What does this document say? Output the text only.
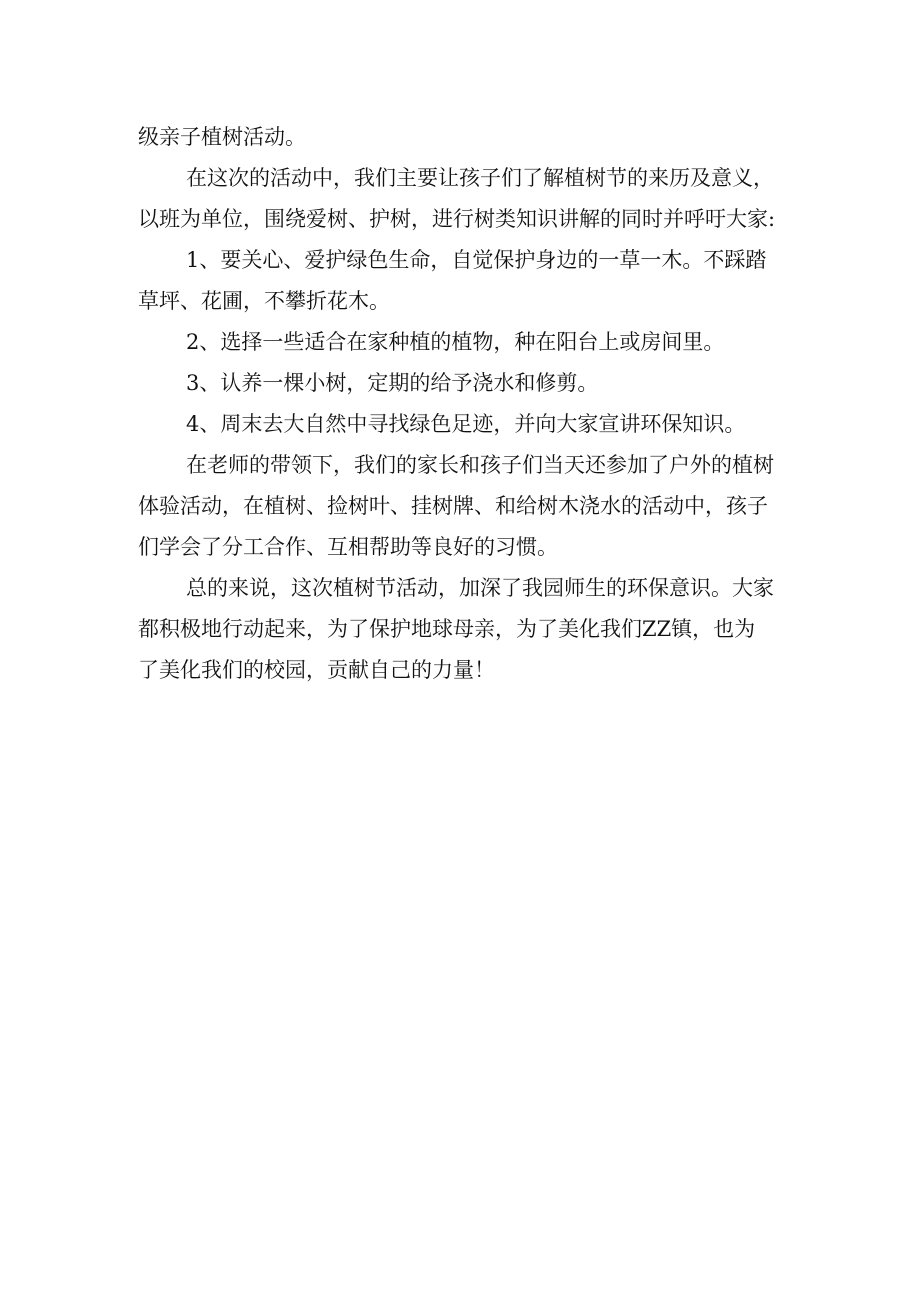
级亲子植树活动。
在这次的活动中，我们主要让孩子们了解植树节的来历及意义，
以班为单位，围绕爱树、护树，进行树类知识讲解的同时并呼吁大家:
1、要关心、爱护绿色生命，自觉保护身边的一草一木。不踩踏
草坪、花圃，不攀折花木。
2、选择一些适合在家种植的植物，种在阳台上或房间里。
3、认养一棵小树，定期的给予浇水和修剪。
4、周末去大自然中寻找绿色足迹，并向大家宣讲环保知识。
在老师的带领下，我们的家长和孩子们当天还参加了户外的植树
体验活动，在植树、捡树叶、挂树牌、和给树木浇水的活动中，孩子
们学会了分工合作、互相帮助等良好的习惯。
总的来说，这次植树节活动，加深了我园师生的环保意识。大家
都积极地行动起来，为了保护地球母亲，为了美化我们ZZ镇，也为
了美化我们的校园，贡献自己的力量！
